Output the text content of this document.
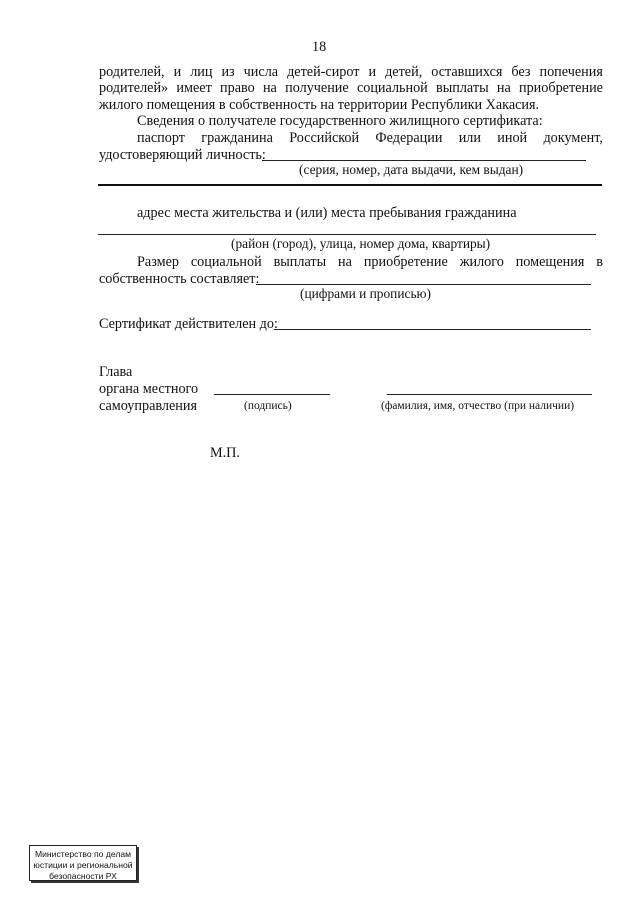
18
родителей, и лиц из числа детей-сирот и детей, оставшихся без попечения
родителей» имеет право на получение социальной выплаты на приобретение
жилого помещения в собственность на территории Республики Хакасия.
Сведения о получателе государственного жилищного сертификата:
паспорт гражданина Российской Федерации или иной документ,
удостоверяющий личность:
(серия, номер, дата выдачи, кем выдан)
адрес места жительства и (или) места пребывания гражданина
(район (город), улица, номер дома, квартиры)
Размер социальной выплаты на приобретение жилого помещения в
собственность составляет:
(цифрами и прописью)
Сертификат действителен до:
Глава
органа местного
самоуправления	(подпись)	(фамилия, имя, отчество (при наличии)
М.П.
Министерство по делам
юстиции и региональной
безопасности РХ
